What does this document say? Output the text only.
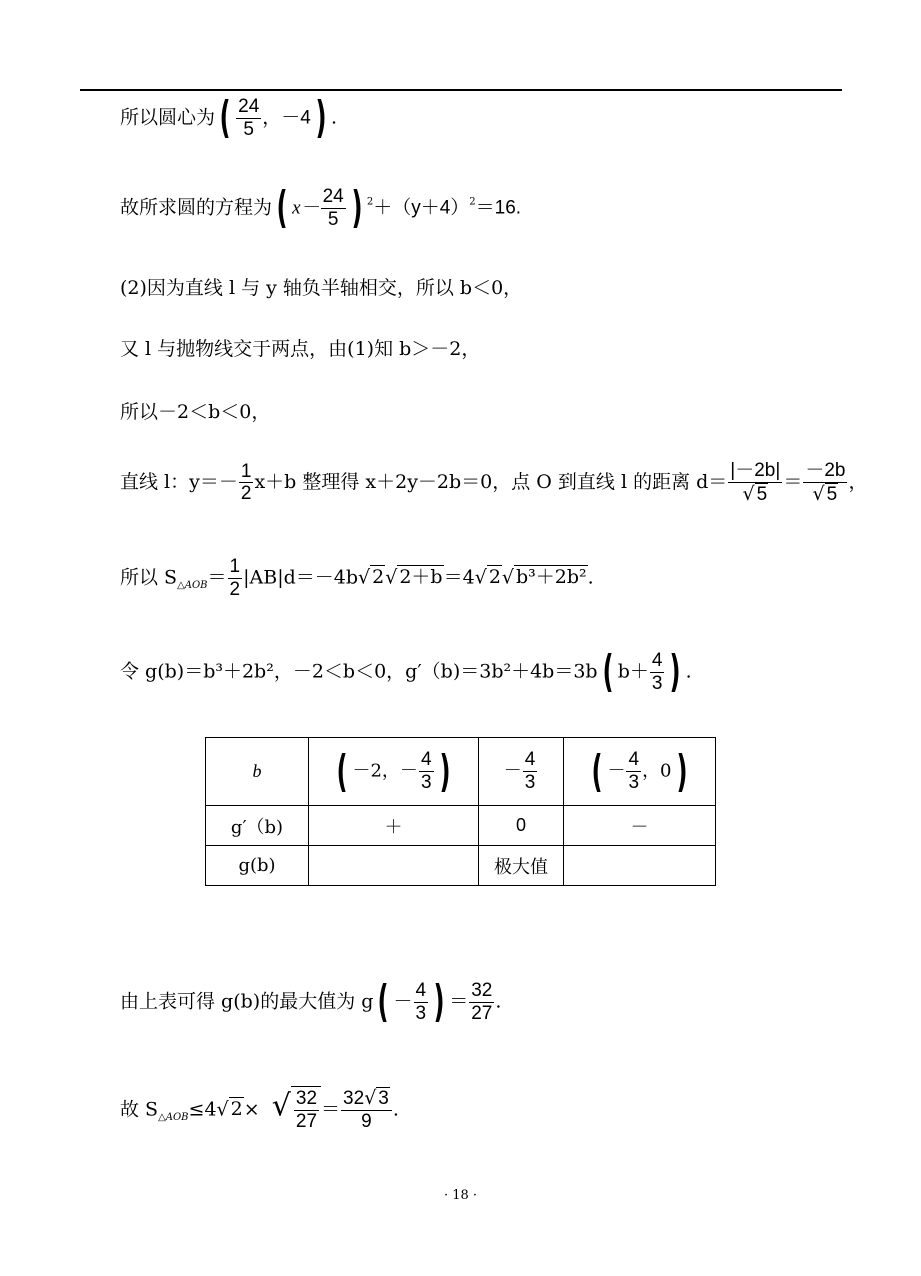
所以圆心为 ( $\frac{24}{5}$ ，－4 ) .
故所求圆的方程为 ( $x- \frac{24}{5}$ ) $^2+(y+4)^2=16$.
(2)因为直线 l 与 y 轴负半轴相交，所以 b＜0，
又 l 与抛物线交于两点，由(1)知 b＞－2，
所以－2＜b＜0，
直线 l：$y=- \frac{1}{2} x+b$ 整理得 x＋2y－2b＝0，点 O 到直线 l 的距离 $d= \frac{|-2b|}{√ 5} = \frac{-2b}{√ 5}$ ，
所以 $S_{\triangle AOB}= \frac{1}{2} |AB|d=-4b√$ 2√ 2＋b＝4√ 2√ b³＋2b².
令 g(b)＝b³＋2b²，－2＜b＜0，g′（b)＝3b²＋4b＝3b ( $b+ \frac{4}{3}$ ) .
b	( －2，－ $\frac{4}{3}$ )	－ $\frac{4}{3}$	( － $\frac{4}{3}$ ，0 )
g′（b)	＋	0	－
g(b)		极大值	
由上表可得 g(b)的最大值为 g ( － $\frac{4}{3}$ ) ＝ $\frac{32}{27}$ .
故 $S_{\triangle AOB}\le 4√$ 2× √ $\frac{32}{27} = \frac{32√ 3}{9}$ .
· 18 ·
